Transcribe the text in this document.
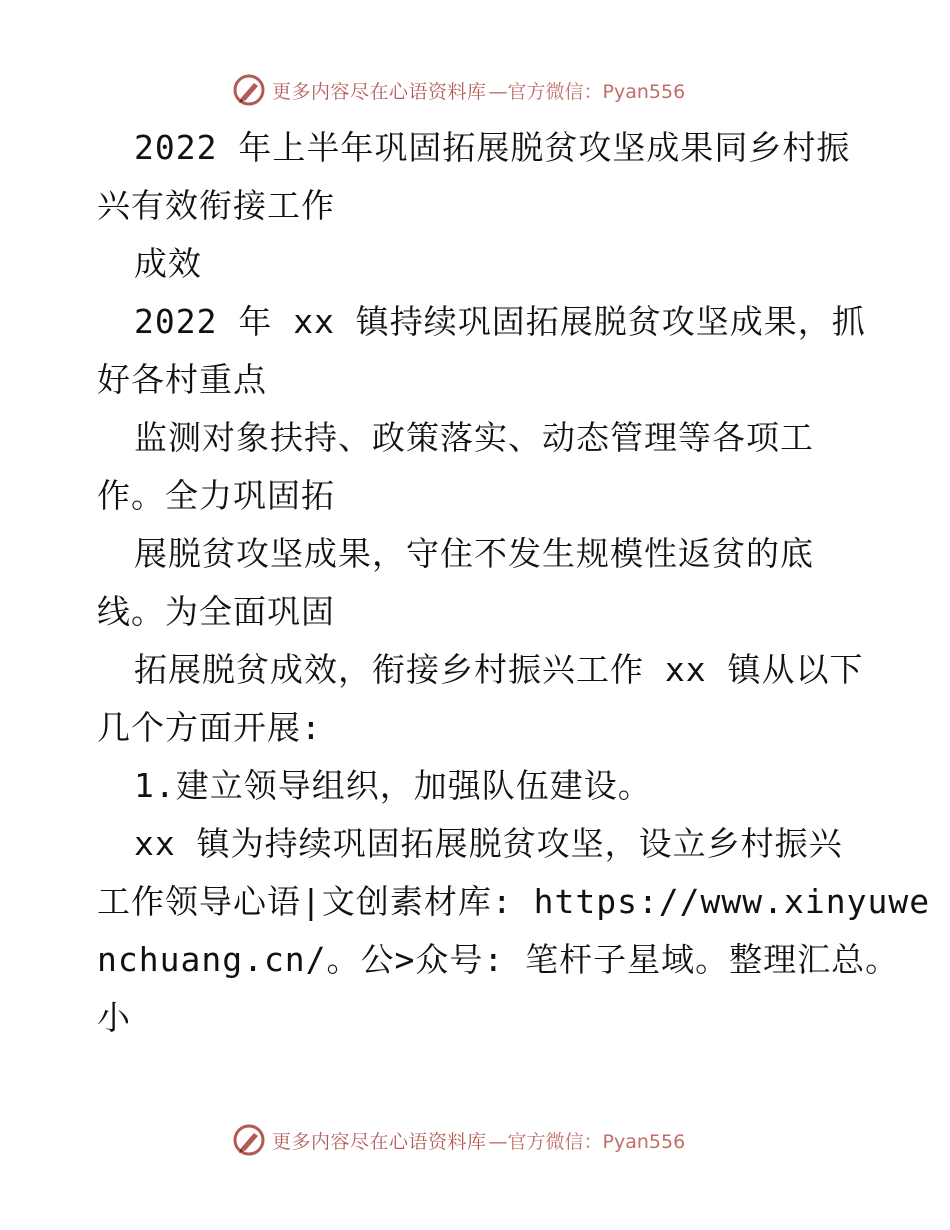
更多内容尽在心语资料库 —官方微信：Pyan556
2022 年上半年巩固拓展脱贫攻坚成果同乡村振
兴有效衔接工作
成效
2022 年 xx 镇持续巩固拓展脱贫攻坚成果，抓
好各村重点
监测对象扶持、政策落实、动态管理等各项工
作。全力巩固拓
展脱贫攻坚成果，守住不发生规模性返贫的底
线。为全面巩固
拓展脱贫成效，衔接乡村振兴工作 xx 镇从以下
几个方面开展:
1.建立领导组织，加强队伍建设。
xx 镇为持续巩固拓展脱贫攻坚，设立乡村振兴
工作领导心语|文创素材库: https://www.xinyuwe
nchuang.cn/。公>众号: 笔杆子星域。整理汇总。
小
更多内容尽在心语资料库 —官方微信：Pyan556
